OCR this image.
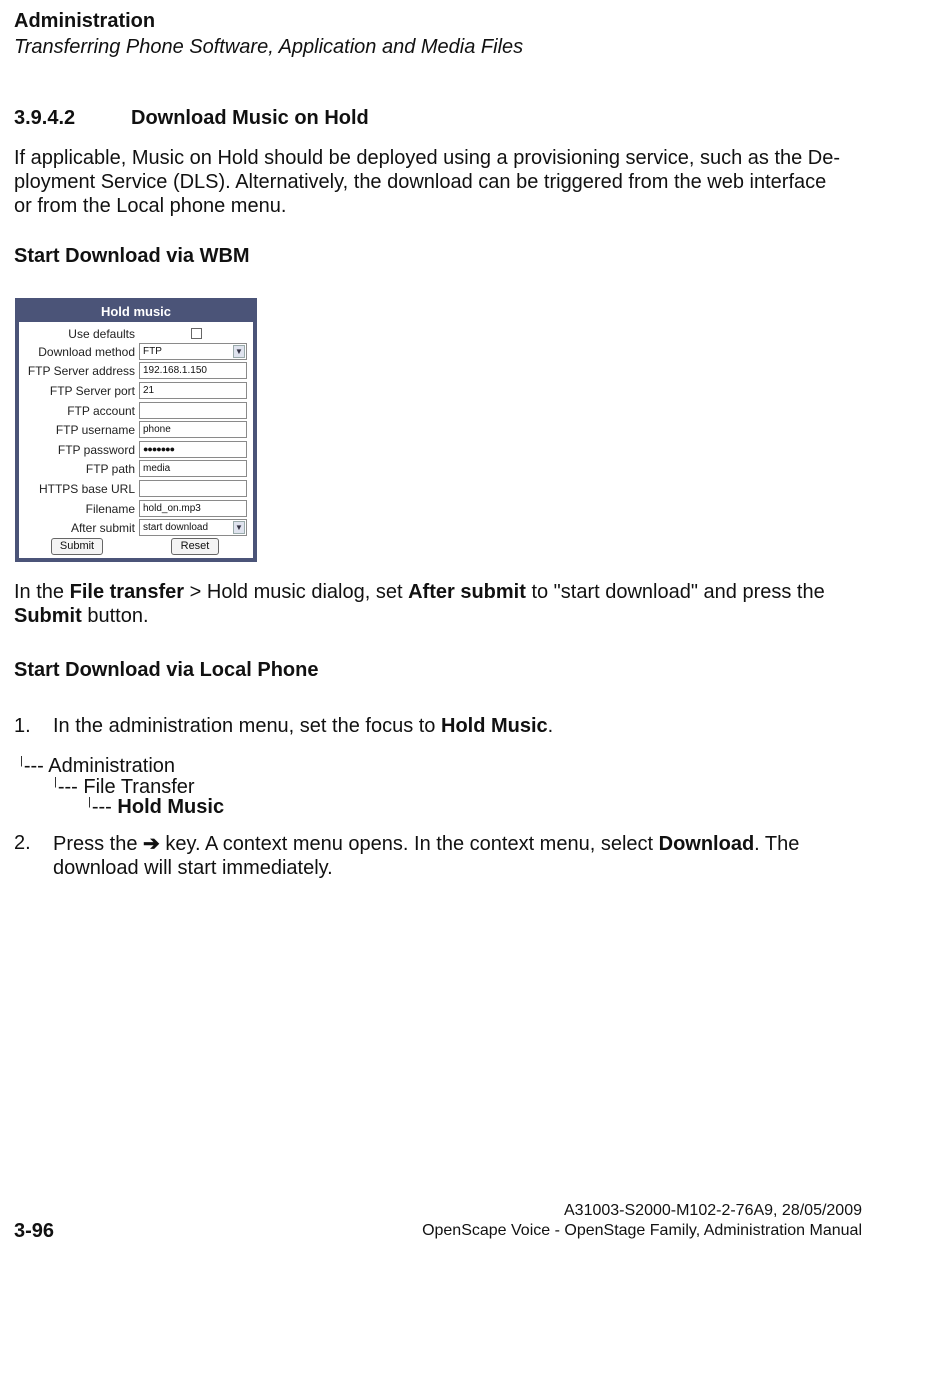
Administration
Transferring Phone Software, Application and Media Files
3.9.4.2	Download Music on Hold
If applicable, Music on Hold should be deployed using a provisioning service, such as the De-
ployment Service (DLS). Alternatively, the download can be triggered from the web interface
or from the Local phone menu.
Start Download via WBM
Hold music
Use defaults
Download method FTP	▼
FTP Server address 192.168.1.150
FTP Server port 21
FTP account
FTP username phone
FTP password ●●●●●●●
FTP path media
HTTPS base URL
Filename hold_on.mp3
After submit start download	▼
Submit	Reset
In the File transfer > Hold music dialog, set After submit to "start download" and press the
Submit button.
Start Download via Local Phone
1. In the administration menu, set the focus to Hold Music.
|--- Administration
|--- File Transfer
|--- Hold Music
2. Press the ➔ key. A context menu opens. In the context menu, select Download. The
download will start immediately.
A31003-S2000-M102-2-76A9, 28/05/2009
3-96	OpenScape Voice - OpenStage Family, Administration Manual
